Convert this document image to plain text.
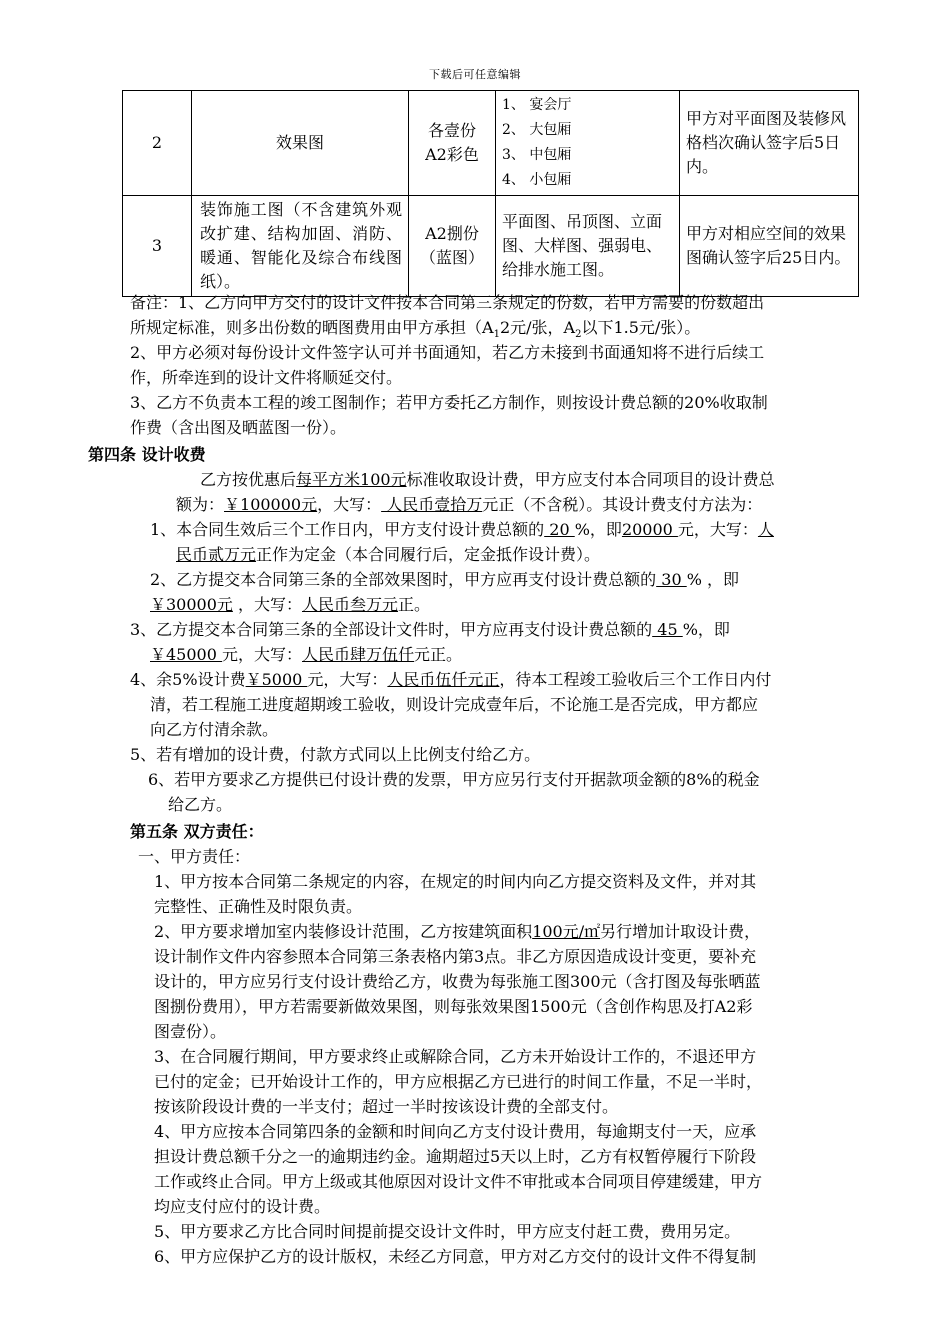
下载后可任意编辑
2	效果图	各壹份 A2彩色	1、 宴会厅
2、 大包厢
3、 中包厢
4、 小包厢	甲方对平面图及装修风格档次确认签字后5日内。
3	装饰施工图（不含建筑外观改扩建、结构加固、消防、暖通、智能化及综合布线图纸）。	A2捌份（蓝图）	平面图、吊顶图、立面图、大样图、强弱电、给排水施工图。	甲方对相应空间的效果图确认签字后25日内。

备注：1、乙方向甲方交付的设计文件按本合同第三条规定的份数，若甲方需要的份数超出

所规定标准，则多出份数的晒图费用由甲方承担（$A_12$元/张，$A_2$以下1.5元/张）。

2、甲方必须对每份设计文件签字认可并书面通知，若乙方未接到书面通知将不进行后续工

作，所牵连到的设计文件将顺延交付。

3、乙方不负责本工程的竣工图制作；若甲方委托乙方制作，则按设计费总额的20%收取制

作费（含出图及晒蓝图一份）。

第四条 设计收费

乙方按优惠后每平方米100元标准收取设计费，甲方应支付本合同项目的设计费总

额为：￥100000元，大写： 人民币壹拾万元正（不含税）。其设计费支付方法为：

1、本合同生效后三个工作日内，甲方支付设计费总额的 20 %，即20000 元，大写：人

民币贰万元正作为定金（本合同履行后，定金抵作设计费）。

2、乙方提交本合同第三条的全部效果图时，甲方应再支付设计费总额的 30 % ，即

￥30000元 ，大写：人民币叁万元正。

3、乙方提交本合同第三条的全部设计文件时，甲方应再支付设计费总额的 45 %，即

￥45000 元，大写：人民币肆万伍仟元正。

4、余5%设计费￥5000 元，大写：人民币伍仟元正，待本工程竣工验收后三个工作日内付

清，若工程施工进度超期竣工验收，则设计完成壹年后，不论施工是否完成，甲方都应

向乙方付清余款。

5、若有增加的设计费，付款方式同以上比例支付给乙方。

6、若甲方要求乙方提供已付设计费的发票，甲方应另行支付开据款项金额的8%的税金

给乙方。

第五条 双方责任：

一、甲方责任：

1、甲方按本合同第二条规定的内容，在规定的时间内向乙方提交资料及文件，并对其

完整性、正确性及时限负责。

2、甲方要求增加室内装修设计范围，乙方按建筑面积100元/㎡另行增加计取设计费，

设计制作文件内容参照本合同第三条表格内第3点。非乙方原因造成设计变更，要补充

设计的，甲方应另行支付设计费给乙方，收费为每张施工图300元（含打图及每张晒蓝

图捌份费用），甲方若需要新做效果图，则每张效果图1500元（含创作构思及打A2彩

图壹份）。

3、在合同履行期间，甲方要求终止或解除合同，乙方未开始设计工作的，不退还甲方

已付的定金；已开始设计工作的，甲方应根据乙方已进行的时间工作量，不足一半时，

按该阶段设计费的一半支付；超过一半时按该设计费的全部支付。

4、甲方应按本合同第四条的金额和时间向乙方支付设计费用，每逾期支付一天，应承

担设计费总额千分之一的逾期违约金。逾期超过5天以上时，乙方有权暂停履行下阶段

工作或终止合同。甲方上级或其他原因对设计文件不审批或本合同项目停建缓建，甲方

均应支付应付的设计费。

5、甲方要求乙方比合同时间提前提交设计文件时，甲方应支付赶工费，费用另定。

6、甲方应保护乙方的设计版权，未经乙方同意，甲方对乙方交付的设计文件不得复制
